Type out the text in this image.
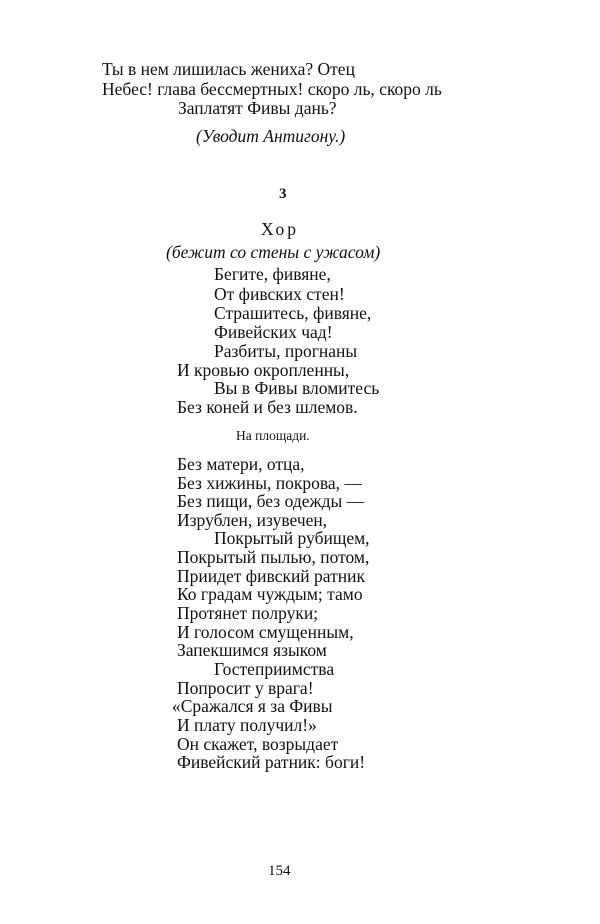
Ты в нем лишилась жениха? Отец
Небес! глава бессмертных! скоро ль, скоро ль
Заплатят Фивы дань?
(Уводит Антигону.)
3
Хор
(бежит со стены с ужасом)
Бегите, фивяне,
От фивских стен!
Страшитесь, фивяне,
Фивейских чад!
Разбиты, прогнаны
И кровью окропленны,
Вы в Фивы вломитесь
Без коней и без шлемов.
На площади.
Без матери, отца,
Без хижины, покрова, —
Без пищи, без одежды —
Изрублен, изувечен,
Покрытый рубищем,
Покрытый пылью, потом,
Приидет фивский ратник
Ко градам чуждым; тамо
Протянет полруки;
И голосом смущенным,
Запекшимся языком
Гостеприимства
Попросит у врага!
«Сражался я за Фивы
И плату получил!»
Он скажет, возрыдает
Фивейский ратник: боги!
154
